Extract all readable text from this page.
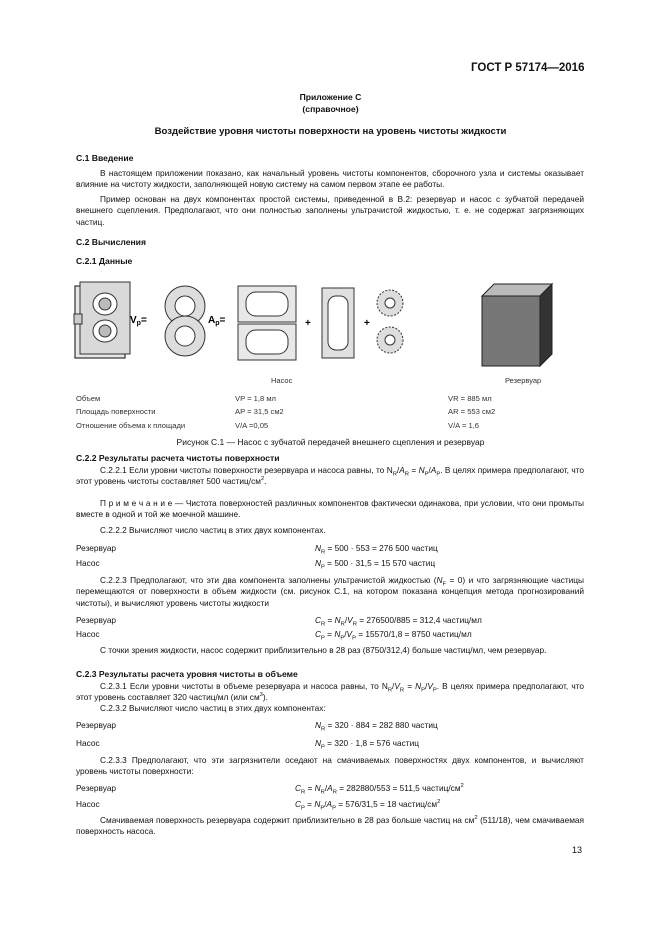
ГОСТ Р 57174—2016
Приложение С
(справочное)
Воздействие уровня чистоты поверхности на уровень чистоты жидкости
С.1 Введение
В настоящем приложении показано, как начальный уровень чистоты компонентов, сборочного узла и системы оказывает влияние на чистоту жидкости, заполняющей новую систему на самом первом этапе ее работы.
Пример основан на двух компонентах простой системы, приведенной в В.2: резервуар и насос с зубчатой передачей внешнего сцепления. Предполагают, что они полностью заполнены ультрачистой жидкостью, т. е. не содержат загрязняющих частиц.
С.2 Вычисления
С.2.1 Данные
$V_p=$	$A_p=$	+	+
Насос	Резервуар
Объем	VP = 1,8 мл	VR = 885 мл
Площадь поверхности	AP = 31,5 см2	AR = 553 см2
Отношение объема к площади	V/A =0,05	V/A = 1,6
Рисунок С.1 — Насос с зубчатой передачей внешнего сцепления и резервуар
С.2.2 Результаты расчета чистоты поверхности
С.2.2.1 Если уровни чистоты поверхности резервуара и насоса равны, то $N_R/A_R = N_P/A_P$. В целях примера предполагают, что этот уровень чистоты составляет 500 частиц/$см^2$.
П р и м е ч а н и е — Чистота поверхностей различных компонентов фактически одинакова, при условии, что они промыты вместе в одной и той же моечной машине.
С.2.2.2 Вычисляют число частиц в этих двух компонентах.
Резервуар	$N_R = 500 \cdot 553 = 276$ 500 частиц
Насос	$N_P = 500 \cdot 31,5 = 15$ 570 частиц
С.2.2.3 Предполагают, что эти два компонента заполнены ультрачистой жидкостью $(N_F = 0)$ и что загрязняющие частицы перемещаются от поверхности в объем жидкости (см. рисунок С.1, на котором показана концепция метода прогнозирований чистоты), и вычисляют уровень чистоты жидкости
Резервуар	$C_R = N_R/V_R = 276500/885 = 312,4$ частиц/мл
Насос	$C_P = N_P/V_P = 15570/1,8 = 8750$ частиц/мл
С точки зрения жидкости, насос содержит приблизительно в 28 раз (8750/312,4) больше частиц/мл, чем резервуар.
С.2.3 Результаты расчета уровня чистоты в объеме
С.2.3.1 Если уровни чистоты в объеме резервуара и насоса равны, то $N_R/V_R = N_P/V_P$. В целях примера предполагают, что этот уровень составляет 320 частиц/мл (или $см^3$).
С.2.3.2 Вычисляют число частиц в этих двух компонентах:
Резервуар	$N_R = 320 \cdot 884 = 282$ 880 частиц
Насос	$N_P = 320 \cdot 1,8 = 576$ частиц
С.2.3.3 Предполагают, что эти загрязнители оседают на смачиваемых поверхностях двух компонентов, и вычисляют уровень чистоты поверхности:
Резервуар	$C_R = N_R/A_R = 282880/553 = 511,5$ частиц/$см^2$
Насос	$C_P = N_P/A_P = 576/31,5 = 18$ частиц/$см^2$
Смачиваемая поверхность резервуара содержит приблизительно в 28 раз больше частиц на $см^2$ (511/18), чем смачиваемая поверхность насоса.
13
